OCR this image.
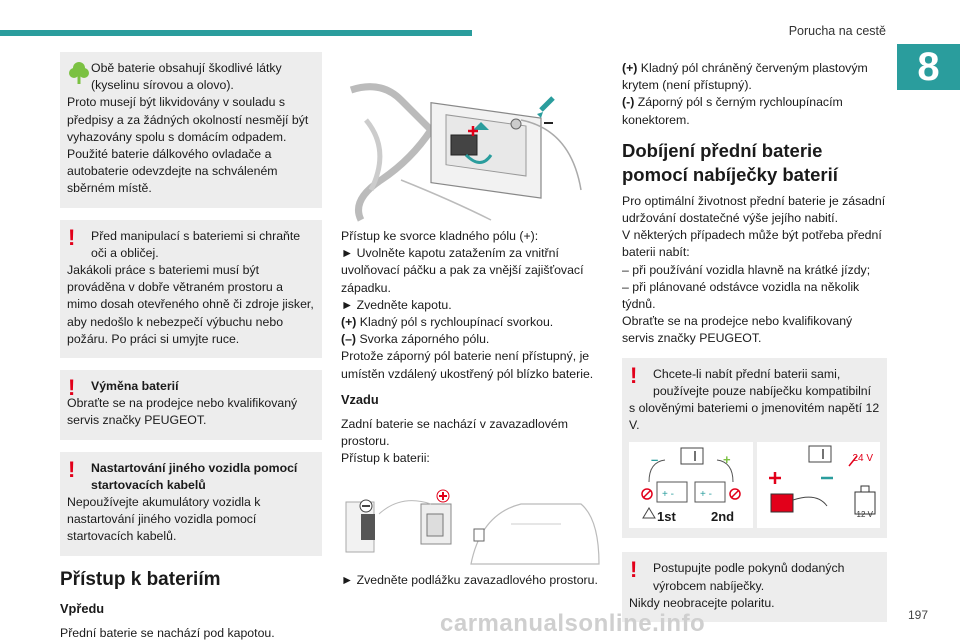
Porucha na cestě
8

Obě baterie obsahují škodlivé látky (kyselinu sírovou a olovo).

Proto musejí být likvidovány v souladu s předpisy a za žádných okolností nesmějí být vyhazovány spolu s domácím odpadem. Použité baterie dálkového ovladače a autobaterie odevzdejte na schváleném sběrném místě.

!	Před manipulací s bateriemi si chraňte oči a obličej.

Jakákoli práce s bateriemi musí být prováděna v dobře větraném prostoru a mimo dosah otevřeného ohně či zdroje jisker, aby nedošlo k nebezpečí výbuchu nebo požáru. Po práci si umyjte ruce.

!	Výměna baterií

Obraťte se na prodejce nebo kvalifikovaný servis značky PEUGEOT.

!	Nastartování jiného vozidla pomocí startovacích kabelů

Nepoužívejte akumulátory vozidla k nastartování jiného vozidla pomocí startovacích kabelů.

Přístup k bateriím
Vpředu

Přední baterie se nachází pod kapotou.

Přístup ke svorce kladného pólu (+):

► Uvolněte kapotu zatažením za vnitřní uvolňovací páčku a pak za vnější zajišťovací západku.

► Zvedněte kapotu.

(+) Kladný pól s rychloupínací svorkou.

(–) Svorka záporného pólu.

Protože záporný pól baterie není přístupný, je umístěn vzdálený ukostřený pól blízko baterie.

Vzadu

Zadní baterie se nachází v zavazadlovém prostoru.

Přístup k baterii:

► Zvedněte podlážku zavazadlového prostoru.

(+) Kladný pól chráněný červeným plastovým krytem (není přístupný).

(-) Záporný pól s černým rychloupínacím konektorem.

Dobíjení přední baterie pomocí nabíječky baterií

Pro optimální životnost přední baterie je zásadní udržování dostatečné výše jejího nabití.

V některých případech může být potřeba přední baterii nabít:

– při používání vozidla hlavně na krátké jízdy;

– při plánované odstávce vozidla na několik týdnů.

Obraťte se na prodejce nebo kvalifikovaný servis značky PEUGEOT.

!	Chcete-li nabít přední baterii sami, používejte pouze nabíječku kompatibilní

s olověnými bateriemi o jmenovitém napětí 12 V.

+ -	+ -
–	+
1st	2nd
24 V
12 V
!	Postupujte podle pokynů dodaných výrobcem nabíječky.

Nikdy neobracejte polaritu.

carmanualsonline.info	197
